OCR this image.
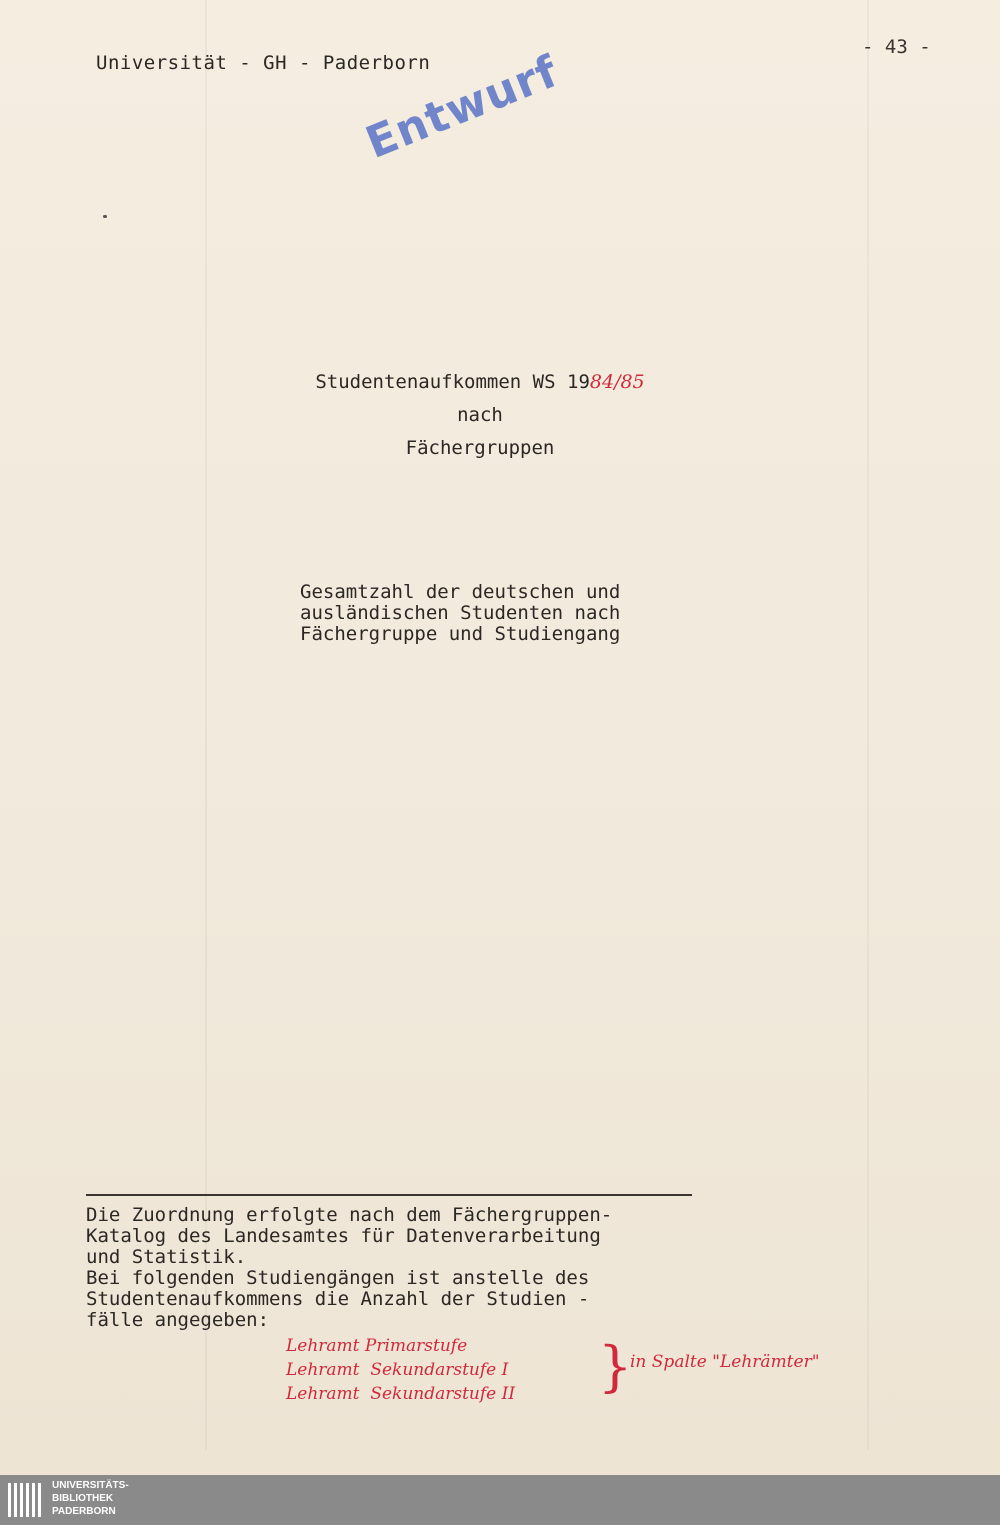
Universität - GH - Paderborn
- 43 -
Entwurf
Studentenaufkommen WS 1984/85
nach
Fächergruppen
Gesamtzahl der deutschen und
ausländischen Studenten nach
Fächergruppe und Studiengang
Die Zuordnung erfolgte nach dem Fächergruppen-
Katalog des Landesamtes für Datenverarbeitung
und Statistik.
Bei folgenden Studiengängen ist anstelle des
Studentenaufkommens die Anzahl der Studien -
fälle angegeben:
Lehramt Primarstufe
Lehramt  Sekundarstufe I
Lehramt  Sekundarstufe II }
in Spalte "Lehrämter"
UNIVERSITÄTS-
BIBLIOTHEK
PADERBORN
